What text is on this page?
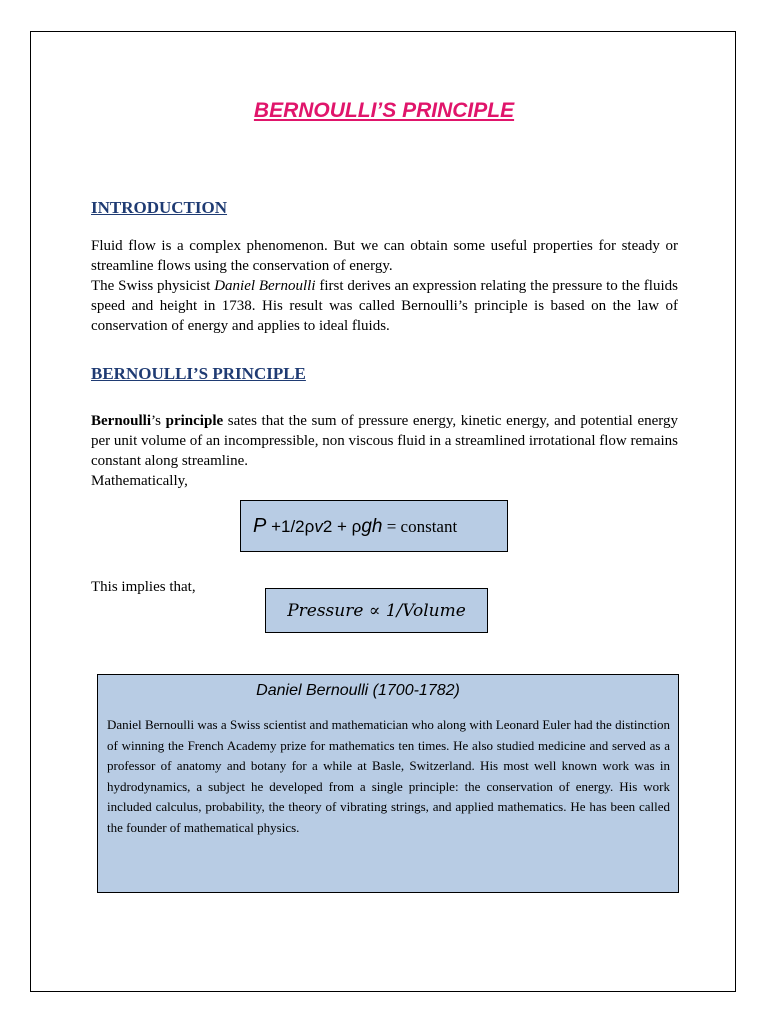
BERNOULLI’S PRINCIPLE
INTRODUCTION

Fluid flow is a complex phenomenon. But we can obtain some useful properties for steady or streamline flows using the conservation of energy.

The Swiss physicist Daniel Bernoulli first derives an expression relating the pressure to the fluids speed and height in 1738. His result was called Bernoulli’s principle is based on the law of conservation of energy and applies to ideal fluids.

BERNOULLI’S PRINCIPLE

Bernoulli’s principle sates that the sum of pressure energy, kinetic energy, and potential energy per unit volume of an incompressible, non viscous fluid in a streamlined irrotational flow remains constant along streamline.

Mathematically,

P +1/2ρv2 + ρgh = constant
This implies that,
Pressure ∝ 1/Volume
Daniel Bernoulli (1700-1782)
Daniel Bernoulli was a Swiss scientist and mathematician who along with Leonard Euler had the distinction of winning the French Academy prize for mathematics ten times. He also studied medicine and served as a professor of anatomy and botany for a while at Basle, Switzerland. His most well known work was in hydrodynamics, a subject he developed from a single principle: the conservation of energy. His work included calculus, probability, the theory of vibrating strings, and applied mathematics. He has been called the founder of mathematical physics.
